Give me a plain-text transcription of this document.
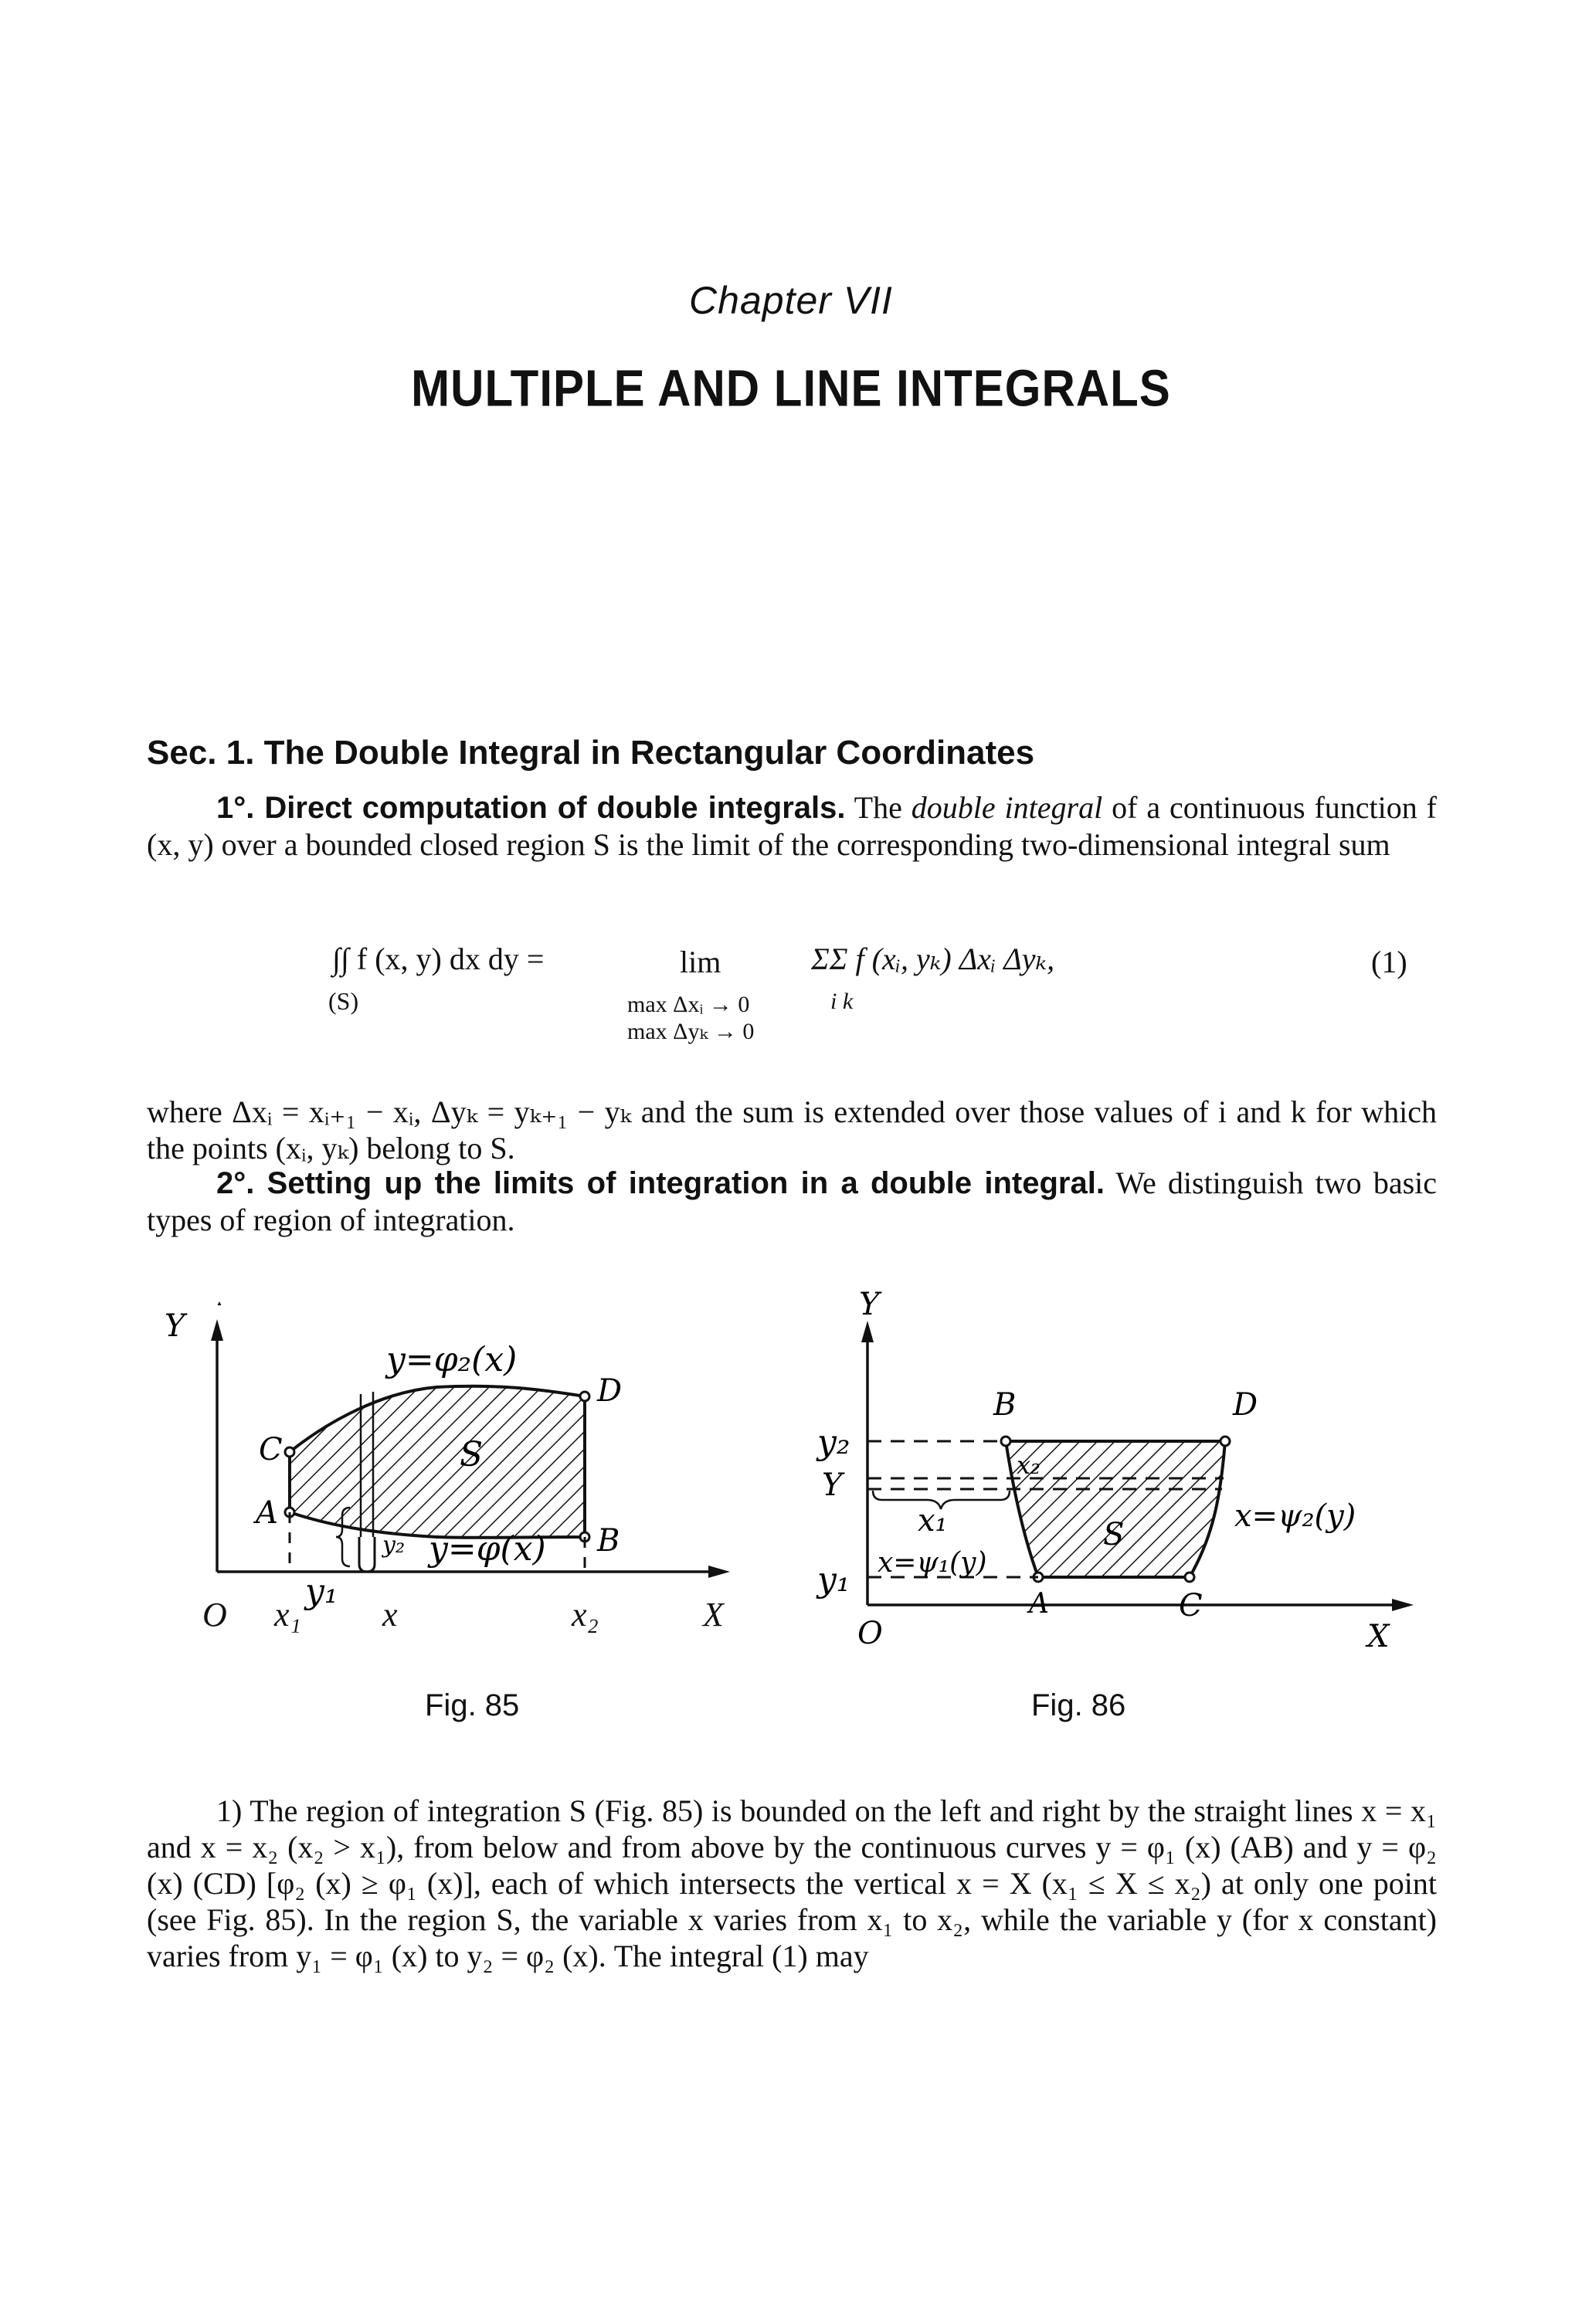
Chapter VII
MULTIPLE AND LINE INTEGRALS
Sec. 1. The Double Integral in Rectangular Coordinates
1°. Direct computation of double integrals. The double integral of a continuous function f (x, y) over a bounded closed region S is the limit of the corresponding two-dimensional integral sum
∫∫ f (x, y) dx dy =
(S)
lim
max Δxᵢ → 0
max Δyₖ → 0
ΣΣ f (xᵢ, yₖ) Δxᵢ Δyₖ,
i k
(1)
where Δxᵢ = xᵢ₊₁ − xᵢ, Δyₖ = yₖ₊₁ − yₖ and the sum is extended over those values of i and k for which the points (xᵢ, yₖ) belong to S.
2°. Setting up the limits of integration in a double integral. We distinguish two basic types of region of integration.
Y
C
A
D
B
S
y=φ₂(x)
y₂ y=φ(x)
y₁
O x₁ x	x₂	X
Fig. 85
Y
y₂
Y
y₁
B	D
A	C
S
x₂
x₁
x=ψ₁(y)
x=ψ₂(y)
O	X
Fig. 86
1) The region of integration S (Fig. 85) is bounded on the left and right by the straight lines x = x₁ and x = x₂ (x₂ > x₁), from below and from above by the continuous curves y = φ₁ (x) (AB) and y = φ₂ (x) (CD) [φ₂ (x) ≥ φ₁ (x)], each of which intersects the vertical x = X (x₁ ≤ X ≤ x₂) at only one point (see Fig. 85). In the region S, the variable x varies from x₁ to x₂, while the variable y (for x constant) varies from y₁ = φ₁ (x) to y₂ = φ₂ (x). The integral (1) may
